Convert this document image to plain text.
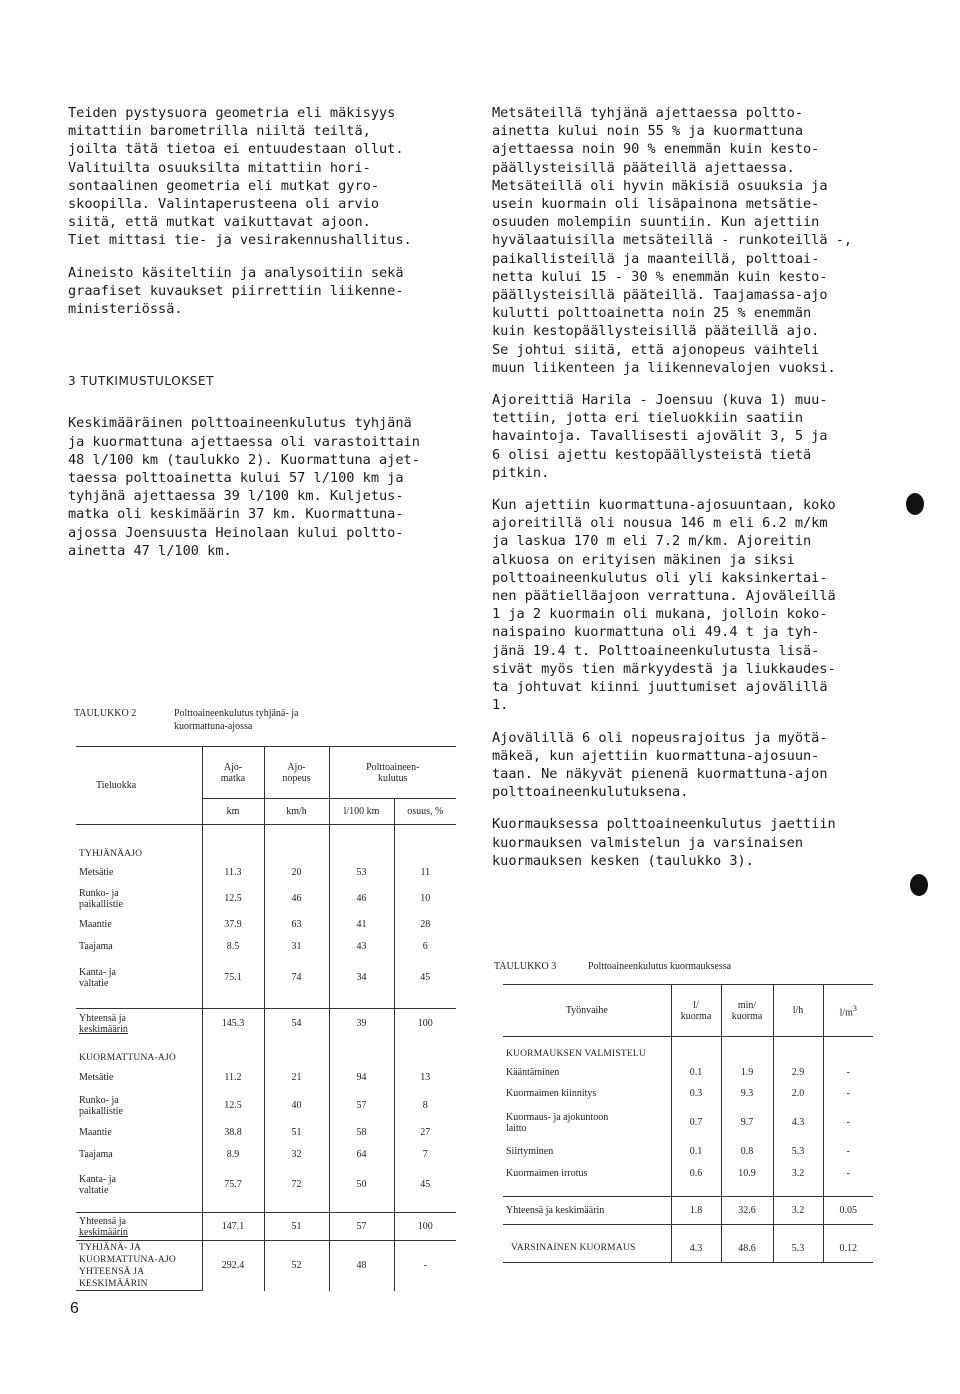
Teiden pystysuora geometria eli mäkisyys

mitattiin barometrilla niiltä teiltä,

joilta tätä tietoa ei entuudestaan ollut.

Valituilta osuuksilta mitattiin hori-

sontaalinen geometria eli mutkat gyro-

skoopilla. Valintaperusteena oli arvio

siitä, että mutkat vaikuttavat ajoon.

Tiet mittasi tie- ja vesirakennushallitus.

Aineisto käsiteltiin ja analysoitiin sekä

graafiset kuvaukset piirrettiin liikenne-

ministeriössä.

3 TUTKIMUSTULOKSET

Keskimääräinen polttoaineenkulutus tyhjänä

ja kuormattuna ajettaessa oli varastoittain

48 l/100 km (taulukko 2). Kuormattuna ajet-

taessa polttoainetta kului 57 l/100 km ja

tyhjänä ajettaessa 39 l/100 km. Kuljetus-

matka oli keskimäärin 37 km. Kuormattuna-

ajossa Joensuusta Heinolaan kului poltto-

ainetta 47 l/100 km.

Metsäteillä tyhjänä ajettaessa poltto-

ainetta kului noin 55 % ja kuormattuna

ajettaessa noin 90 % enemmän kuin kesto-

päällysteisillä pääteillä ajettaessa.

Metsäteillä oli hyvin mäkisiä osuuksia ja

usein kuormain oli lisäpainona metsätie-

osuuden molempiin suuntiin. Kun ajettiin

hyvälaatuisilla metsäteillä - runkoteillä -,

paikallisteillä ja maanteillä, polttoai-

netta kului 15 - 30 % enemmän kuin kesto-

päällysteisillä pääteillä. Taajamassa-ajo

kulutti polttoainetta noin 25 % enemmän

kuin kestopäällysteisillä pääteillä ajo.

Se johtui siitä, että ajonopeus vaihteli

muun liikenteen ja liikennevalojen vuoksi.

Ajoreittiä Harila - Joensuu (kuva 1) muu-

tettiin, jotta eri tieluokkiin saatiin

havaintoja. Tavallisesti ajovälit 3, 5 ja

6 olisi ajettu kestopäällysteistä tietä

pitkin.

Kun ajettiin kuormattuna-ajosuuntaan, koko

ajoreitillä oli nousua 146 m eli 6.2 m/km

ja laskua 170 m eli 7.2 m/km. Ajoreitin

alkuosa on erityisen mäkinen ja siksi

polttoaineenkulutus oli yli kaksinkertai-

nen päätielläajoon verrattuna. Ajoväleillä

1 ja 2 kuormain oli mukana, jolloin koko-

naispaino kuormattuna oli 49.4 t ja tyh-

jänä 19.4 t. Polttoaineenkulutusta lisä-

sivät myös tien märkyydestä ja liukkaudes-

ta johtuvat kiinni juuttumiset ajovälillä

1.

Ajovälillä 6 oli nopeusrajoitus ja myötä-

mäkeä, kun ajettiin kuormattuna-ajosuun-

taan. Ne näkyvät pienenä kuormattuna-ajon

polttoaineenkulutuksena.

Kuormauksessa polttoaineenkulutus jaettiin

kuormauksen valmistelun ja varsinaisen

kuormauksen kesken (taulukko 3).

TAULUKKO 2	Polttoaineenkulutus tyhjänä- ja
kuormattuna-ajossa
Tieluokka	Ajo-
matka	Ajo-
nopeus	Polttoaineen-
kulutus	
	km	km/h	l/100 km	osuus, %

TYHJÄNÄAJO				
Metsätie	11.3	20	53	11
Runko- ja
paikallistie	12.5	46	46	10
Maantie	37.9	63	41	28
Taajama	8.5	31	43	6
Kanta- ja
valtatie	75.1	74	34	45

Yhteensä ja
keskimäärin	145.3	54	39	100

KUORMATTUNA-AJO				
Metsätie	11.2	21	94	13
Runko- ja
paikallistie	12.5	40	57	8
Maantie	38.8	51	58	27
Taajama	8.9	32	64	7
Kanta- ja
valtatie	75.7	72	50	45

Yhteensä ja
keskimäärin	147.1	51	57	100
TYHJÄNÄ- JA
KUORMATTUNA-AJO
YHTEENSÄ JA
KESKIMÄÄRIN	292.4	52	48	-
TAULUKKO 3	Polttoaineenkulutus kuormauksessa
Työnvaihe	l/
kuorma	min/
kuorma	l/h	$l/m^3$

KUORMAUKSEN VALMISTELU				
Kääntäminen	0.1	1.9	2.9	-
Kuormaimen kiinnitys	0.3	9.3	2.0	-
Kuormaus- ja ajokuntoon
laitto	0.7	9.7	4.3	-
Siirtyminen	0.1	0.8	5.3	-
Kuormaimen irrotus	0.6	10.9	3.2	-

Yhteensä ja keskimäärin	1.8	32.6	3.2	0.05

VARSINAINEN KUORMAUS	4.3	48.6	5.3	0.12
6
